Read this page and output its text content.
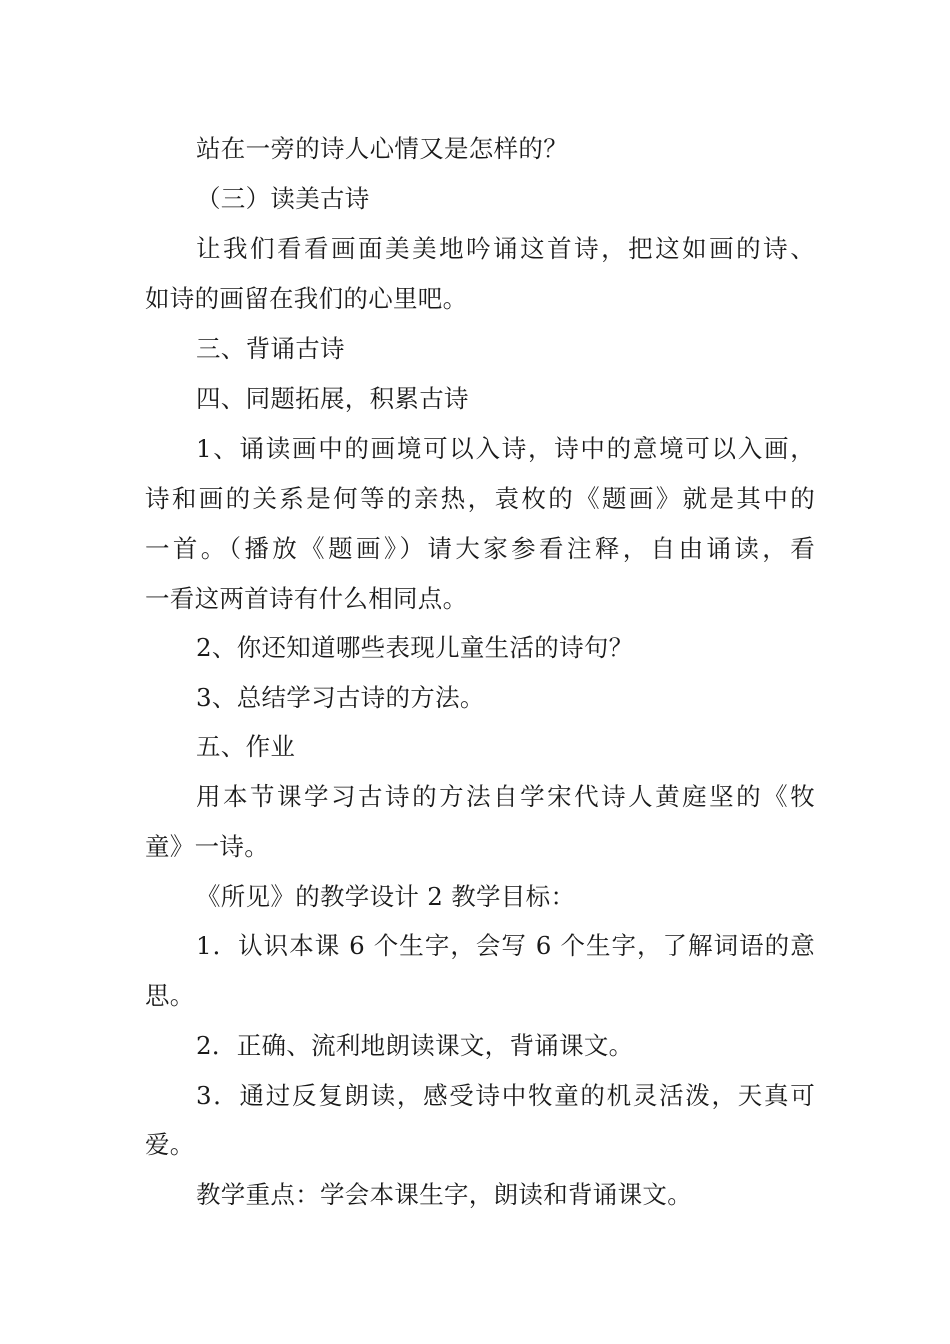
站在一旁的诗人心情又是怎样的？
（三）读美古诗
让我们看看画面美美地吟诵这首诗，把这如画的诗、
如诗的画留在我们的心里吧。
三、背诵古诗
四、同题拓展，积累古诗
1、诵读画中的画境可以入诗，诗中的意境可以入画，
诗和画的关系是何等的亲热，袁枚的《题画》就是其中的
一首。（播放《题画》）请大家参看注释，自由诵读，看
一看这两首诗有什么相同点。
2、你还知道哪些表现儿童生活的诗句？
3、总结学习古诗的方法。
五、作业
用本节课学习古诗的方法自学宋代诗人黄庭坚的《牧
童》一诗。
《所见》的教学设计 2 教学目标：
1．认识本课 6 个生字，会写 6 个生字，了解词语的意
思。
2．正确、流利地朗读课文，背诵课文。
3．通过反复朗读，感受诗中牧童的机灵活泼，天真可
爱。
教学重点：学会本课生字，朗读和背诵课文。
